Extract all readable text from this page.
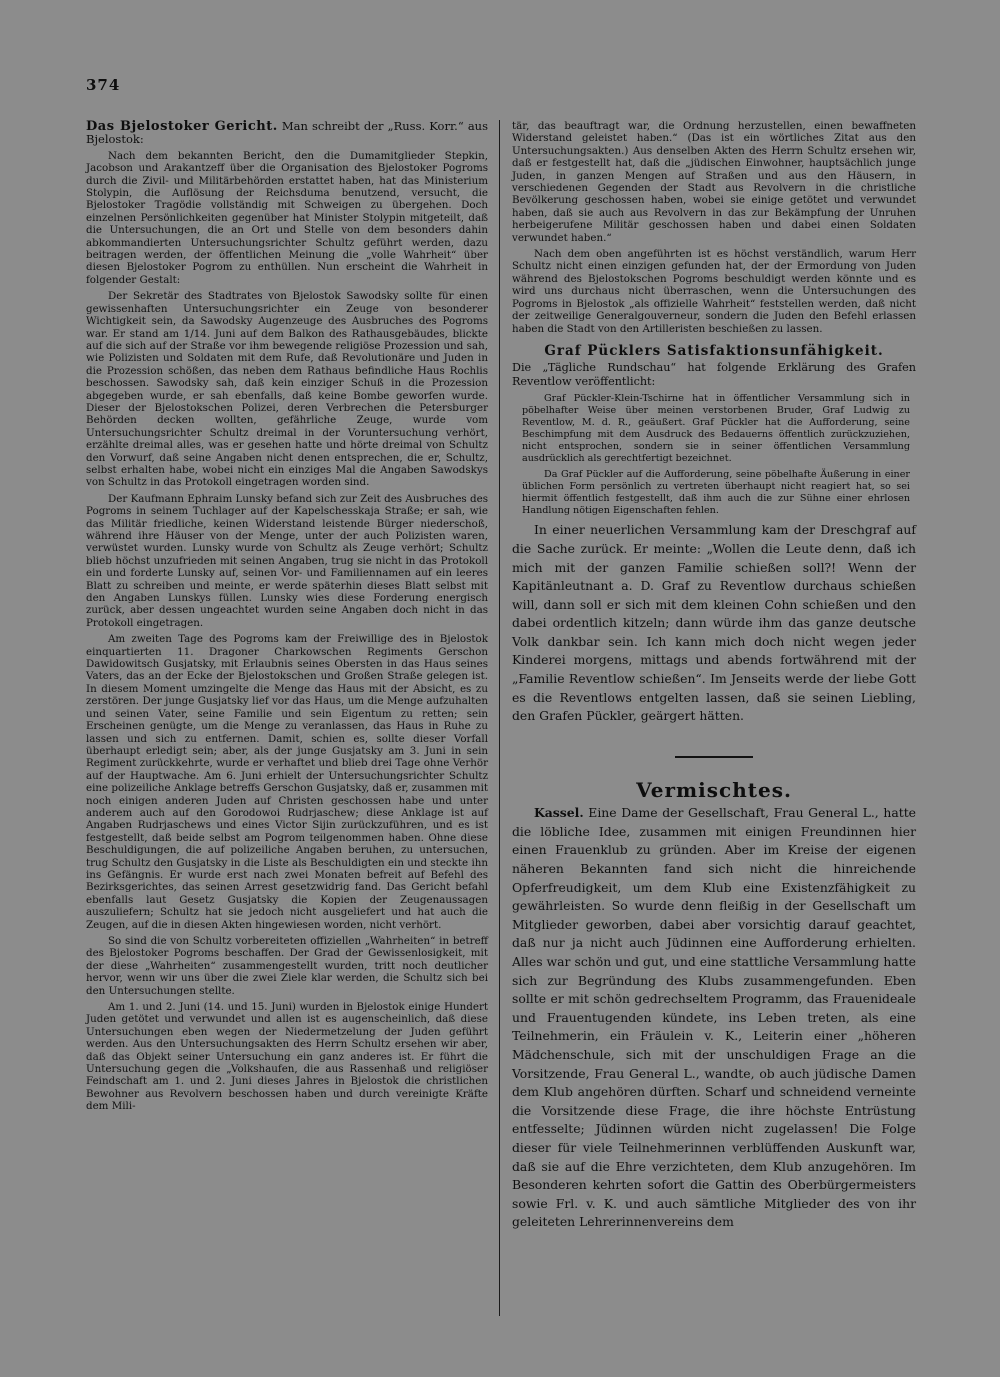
374

Das Bjelostoker Gericht. Man schreibt der „Russ. Korr.“ aus Bjelostok:

Nach dem bekannten Bericht, den die Dumamitglieder Stepkin, Jacobson und Arakantzeff über die Organisation des Bjelostoker Pogroms durch die Zivil- und Militärbehörden erstattet haben, hat das Ministerium Stolypin, die Auflösung der Reichsduma benutzend, versucht, die Bjelostoker Tragödie vollständig mit Schweigen zu übergehen. Doch einzelnen Persönlichkeiten gegenüber hat Minister Stolypin mitgeteilt, daß die Untersuchungen, die an Ort und Stelle von dem besonders dahin abkommandierten Untersuchungsrichter Schultz geführt werden, dazu beitragen werden, der öffentlichen Meinung die „volle Wahrheit“ über diesen Bjelostoker Pogrom zu enthüllen. Nun erscheint die Wahrheit in folgender Gestalt:

Der Sekretär des Stadtrates von Bjelostok Sawodsky sollte für einen gewissenhaften Untersuchungsrichter ein Zeuge von besonderer Wichtigkeit sein, da Sawodsky Augenzeuge des Ausbruches des Pogroms war. Er stand am 1/14. Juni auf dem Balkon des Rathausgebäudes, blickte auf die sich auf der Straße vor ihm bewegende religiöse Prozession und sah, wie Polizisten und Soldaten mit dem Rufe, daß Revolutionäre und Juden in die Prozession schößen, das neben dem Rathaus befindliche Haus Rochlis beschossen. Sawodsky sah, daß kein einziger Schuß in die Prozession abgegeben wurde, er sah ebenfalls, daß keine Bombe geworfen wurde. Dieser der Bjelostokschen Polizei, deren Verbrechen die Petersburger Behörden decken wollten, gefährliche Zeuge, wurde vom Untersuchungsrichter Schultz dreimal in der Voruntersuchung verhört, erzählte dreimal alles, was er gesehen hatte und hörte dreimal von Schultz den Vorwurf, daß seine Angaben nicht denen entsprechen, die er, Schultz, selbst erhalten habe, wobei nicht ein einziges Mal die Angaben Sawodskys von Schultz in das Protokoll eingetragen worden sind.

Der Kaufmann Ephraim Lunsky befand sich zur Zeit des Ausbruches des Pogroms in seinem Tuchlager auf der Kapelschesskaja Straße; er sah, wie das Militär friedliche, keinen Widerstand leistende Bürger niederschoß, während ihre Häuser von der Menge, unter der auch Polizisten waren, verwüstet wurden. Lunsky wurde von Schultz als Zeuge verhört; Schultz blieb höchst unzufrieden mit seinen Angaben, trug sie nicht in das Protokoll ein und forderte Lunsky auf, seinen Vor- und Familiennamen auf ein leeres Blatt zu schreiben und meinte, er werde späterhin dieses Blatt selbst mit den Angaben Lunskys füllen. Lunsky wies diese Forderung energisch zurück, aber dessen ungeachtet wurden seine Angaben doch nicht in das Protokoll eingetragen.

Am zweiten Tage des Pogroms kam der Freiwillige des in Bjelostok einquartierten 11. Dragoner Charkowschen Regiments Gerschon Dawidowitsch Gusjatsky, mit Erlaubnis seines Obersten in das Haus seines Vaters, das an der Ecke der Bjelostokschen und Großen Straße gelegen ist. In diesem Moment umzingelte die Menge das Haus mit der Absicht, es zu zerstören. Der junge Gusjatsky lief vor das Haus, um die Menge aufzuhalten und seinen Vater, seine Familie und sein Eigentum zu retten; sein Erscheinen genügte, um die Menge zu veranlassen, das Haus in Ruhe zu lassen und sich zu entfernen. Damit, schien es, sollte dieser Vorfall überhaupt erledigt sein; aber, als der junge Gusjatsky am 3. Juni in sein Regiment zurückkehrte, wurde er verhaftet und blieb drei Tage ohne Verhör auf der Hauptwache. Am 6. Juni erhielt der Untersuchungsrichter Schultz eine polizeiliche Anklage betreffs Gerschon Gusjatsky, daß er, zusammen mit noch einigen anderen Juden auf Christen geschossen habe und unter anderem auch auf den Gorodowoi Rudrjaschew; diese Anklage ist auf Angaben Rudrjaschews und eines Victor Sijin zurückzuführen, und es ist festgestellt, daß beide selbst am Pogrom teilgenommen haben. Ohne diese Beschuldigungen, die auf polizeiliche Angaben beruhen, zu untersuchen, trug Schultz den Gusjatsky in die Liste als Beschuldigten ein und steckte ihn ins Gefängnis. Er wurde erst nach zwei Monaten befreit auf Befehl des Bezirksgerichtes, das seinen Arrest gesetzwidrig fand. Das Gericht befahl ebenfalls laut Gesetz Gusjatsky die Kopien der Zeugenaussagen auszuliefern; Schultz hat sie jedoch nicht ausgeliefert und hat auch die Zeugen, auf die in diesen Akten hingewiesen worden, nicht verhört.

So sind die von Schultz vorbereiteten offiziellen „Wahrheiten“ in betreff des Bjelostoker Pogroms beschaffen. Der Grad der Gewissenlosigkeit, mit der diese „Wahrheiten“ zusammengestellt wurden, tritt noch deutlicher hervor, wenn wir uns über die zwei Ziele klar werden, die Schultz sich bei den Untersuchungen stellte.

Am 1. und 2. Juni (14. und 15. Juni) wurden in Bjelostok einige Hundert Juden getötet und verwundet und allen ist es augenscheinlich, daß diese Untersuchungen eben wegen der Niedermetzelung der Juden geführt werden. Aus den Untersuchungsakten des Herrn Schultz ersehen wir aber, daß das Objekt seiner Untersuchung ein ganz anderes ist. Er führt die Untersuchung gegen die „Volkshaufen, die aus Rassenhaß und religiöser Feindschaft am 1. und 2. Juni dieses Jahres in Bjelostok die christlichen Bewohner aus Revolvern beschossen haben und durch vereinigte Kräfte dem Mili-

tär, das beauftragt war, die Ordnung herzustellen, einen bewaffneten Widerstand geleistet haben.“ (Das ist ein wörtliches Zitat aus den Untersuchungsakten.) Aus denselben Akten des Herrn Schultz ersehen wir, daß er festgestellt hat, daß die „jüdischen Einwohner, hauptsächlich junge Juden, in ganzen Mengen auf Straßen und aus den Häusern, in verschiedenen Gegenden der Stadt aus Revolvern in die christliche Bevölkerung geschossen haben, wobei sie einige getötet und verwundet haben, daß sie auch aus Revolvern in das zur Bekämpfung der Unruhen herbeigerufene Militär geschossen haben und dabei einen Soldaten verwundet haben.“

Nach dem oben angeführten ist es höchst verständlich, warum Herr Schultz nicht einen einzigen gefunden hat, der der Ermordung von Juden während des Bjelostokschen Pogroms beschuldigt werden könnte und es wird uns durchaus nicht überraschen, wenn die Untersuchungen des Pogroms in Bjelostok „als offizielle Wahrheit“ feststellen werden, daß nicht der zeitweilige Generalgouverneur, sondern die Juden den Befehl erlassen haben die Stadt von den Artilleristen beschießen zu lassen.

Graf Pücklers Satisfaktionsunfähigkeit.

Die „Tägliche Rundschau“ hat folgende Erklärung des Grafen Reventlow veröffentlicht:

Graf Pückler-Klein-Tschirne hat in öffentlicher Versammlung sich in pöbelhafter Weise über meinen verstorbenen Bruder, Graf Ludwig zu Reventlow, M. d. R., geäußert. Graf Pückler hat die Aufforderung, seine Beschimpfung mit dem Ausdruck des Bedauerns öffentlich zurückzuziehen, nicht entsprochen, sondern sie in seiner öffentlichen Versammlung ausdrücklich als gerechtfertigt bezeichnet.

Da Graf Pückler auf die Aufforderung, seine pöbelhafte Äußerung in einer üblichen Form persönlich zu vertreten überhaupt nicht reagiert hat, so sei hiermit öffentlich festgestellt, daß ihm auch die zur Sühne einer ehrlosen Handlung nötigen Eigenschaften fehlen.

In einer neuerlichen Versammlung kam der Dreschgraf auf die Sache zurück. Er meinte: „Wollen die Leute denn, daß ich mich mit der ganzen Familie schießen soll?! Wenn der Kapitänleutnant a. D. Graf zu Reventlow durchaus schießen will, dann soll er sich mit dem kleinen Cohn schießen und den dabei ordentlich kitzeln; dann würde ihm das ganze deutsche Volk dankbar sein. Ich kann mich doch nicht wegen jeder Kinderei morgens, mittags und abends fortwährend mit der „Familie Reventlow schießen“. Im Jenseits werde der liebe Gott es die Reventlows entgelten lassen, daß sie seinen Liebling, den Grafen Pückler, geärgert hätten.

Vermischtes.

Kassel. Eine Dame der Gesellschaft, Frau General L., hatte die löbliche Idee, zusammen mit einigen Freundinnen hier einen Frauenklub zu gründen. Aber im Kreise der eigenen näheren Bekannten fand sich nicht die hinreichende Opferfreudigkeit, um dem Klub eine Existenzfähigkeit zu gewährleisten. So wurde denn fleißig in der Gesellschaft um Mitglieder geworben, dabei aber vorsichtig darauf geachtet, daß nur ja nicht auch Jüdinnen eine Aufforderung erhielten. Alles war schön und gut, und eine stattliche Versammlung hatte sich zur Begründung des Klubs zusammengefunden. Eben sollte er mit schön gedrechseltem Programm, das Frauenideale und Frauentugenden kündete, ins Leben treten, als eine Teilnehmerin, ein Fräulein v. K., Leiterin einer „höheren Mädchenschule, sich mit der unschuldigen Frage an die Vorsitzende, Frau General L., wandte, ob auch jüdische Damen dem Klub angehören dürften. Scharf und schneidend verneinte die Vorsitzende diese Frage, die ihre höchste Entrüstung entfesselte; Jüdinnen würden nicht zugelassen! Die Folge dieser für viele Teilnehmerinnen verblüffenden Auskunft war, daß sie auf die Ehre verzichteten, dem Klub anzugehören. Im Besonderen kehrten sofort die Gattin des Oberbürgermeisters sowie Frl. v. K. und auch sämtliche Mitglieder des von ihr geleiteten Lehrerinnenvereins dem
